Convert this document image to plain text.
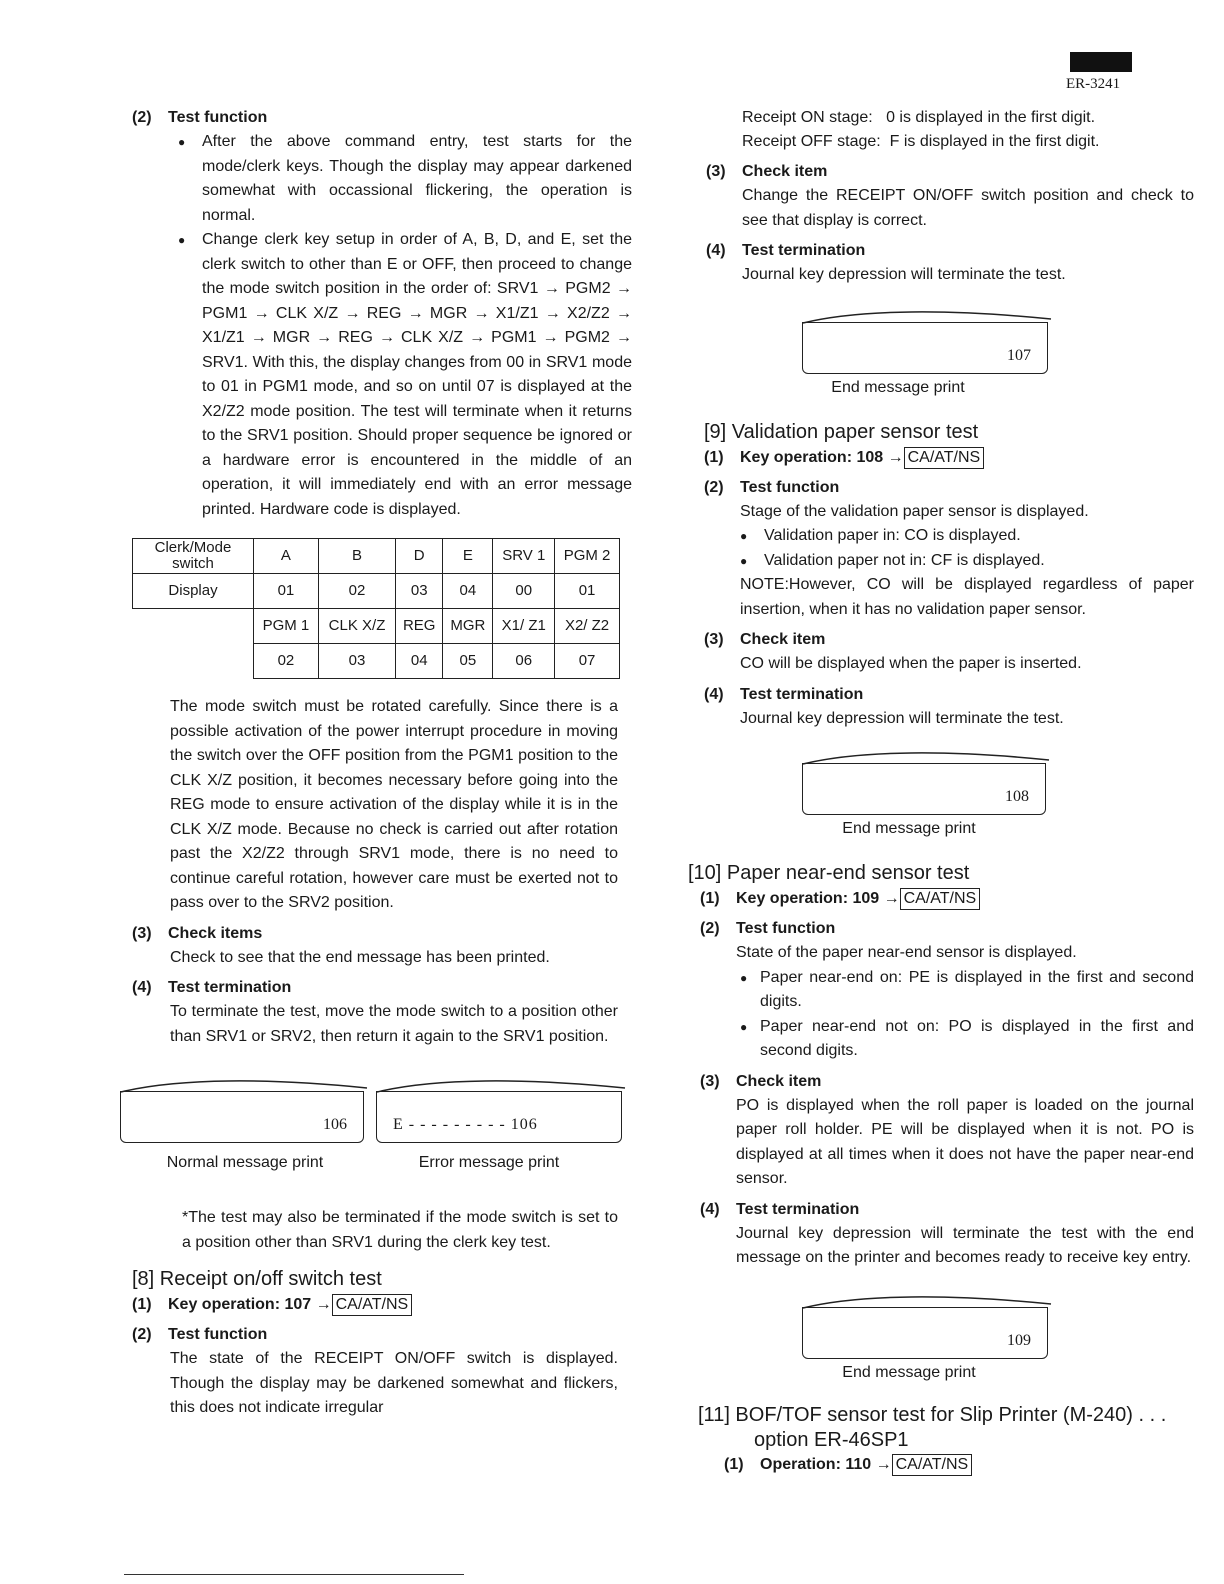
ER-3241
(2)	Test function
● After the above command entry, test starts for the mode/clerk keys. Though the display may appear darkened somewhat with occassional flickering, the operation is normal.
● Change clerk key setup in order of A, B, D, and E, set the clerk switch to other than E or OFF, then proceed to change the mode switch position in the order of: SRV1 → PGM2 → PGM1 → CLK X/Z → REG → MGR → X1/Z1 → X2/Z2 → X1/Z1 → MGR → REG → CLK X/Z → PGM1 → PGM2 → SRV1. With this, the display changes from 00 in SRV1 mode to 01 in PGM1 mode, and so on until 07 is displayed at the X2/Z2 mode position. The test will terminate when it returns to the SRV1 position. Should proper sequence be ignored or a hardware error is encountered in the middle of an operation, it will immediately end with an error message printed. Hardware code is displayed.
Clerk/Mode switch	A	B	D	E	SRV 1	PGM 2
Display	01	02	03	04	00	01
	PGM 1	CLK X/Z	REG	MGR	X1/ Z1	X2/ Z2
	02	03	04	05	06	07
The mode switch must be rotated carefully. Since there is a possible activation of the power interrupt procedure in moving the switch over the OFF position from the PGM1 position to the CLK X/Z position, it becomes necessary before going into the REG mode to ensure activation of the display while it is in the CLK X/Z mode. Because no check is carried out after rotation past the X2/Z2 through SRV1 mode, there is no need to continue careful rotation, however care must be exerted not to pass over to the SRV2 position.
(3)	Check items
Check to see that the end message has been printed.
(4)	Test termination
To terminate the test, move the mode switch to a position other than SRV1 or SRV2, then return it again to the SRV1 position.
106	E - - - - - - - - - 106
Normal message print	Error message print
*The test may also be terminated if the mode switch is set to a position other than SRV1 during the clerk key test.
[8] Receipt on/off switch test
(1) Key operation: 107 → CA/AT/NS
(2)	Test function
The state of the RECEIPT ON/OFF switch is displayed. Though the display may be darkened somewhat and flickers, this does not indicate irregular
Receipt ON stage:   0 is displayed in the first digit.
Receipt OFF stage:  F is displayed in the first digit.
(3)	Check item
Change the RECEIPT ON/OFF switch position and check to see that display is correct.
(4)	Test termination
Journal key depression will terminate the test.
107
End message print
[9] Validation paper sensor test
(1) Key operation: 108 → CA/AT/NS
(2)	Test function
Stage of the validation paper sensor is displayed.
● Validation paper in: CO is displayed.
● Validation paper not in: CF is displayed.
NOTE:However, CO will be displayed regardless of paper insertion, when it has no validation paper sensor.
(3)	Check item
CO will be displayed when the paper is inserted.
(4)	Test termination
Journal key depression will terminate the test.
108
End message print
[10] Paper near-end sensor test
(1) Key operation: 109 → CA/AT/NS
(2)	Test function
State of the paper near-end sensor is displayed.
● Paper near-end on: PE is displayed in the first and second digits.
● Paper near-end not on: PO is displayed in the first and second digits.
(3)	Check item
PO is displayed when the roll paper is loaded on the journal paper roll holder. PE will be displayed when it is not. PO is displayed at all times when it does not have the paper near-end sensor.
(4)	Test termination
Journal key depression will terminate the test with the end message on the printer and becomes ready to receive key entry.
109
End message print
[11] BOF/TOF sensor test for Slip Printer (M-240) . . . option ER-46SP1
(1) Operation: 110 → CA/AT/NS
